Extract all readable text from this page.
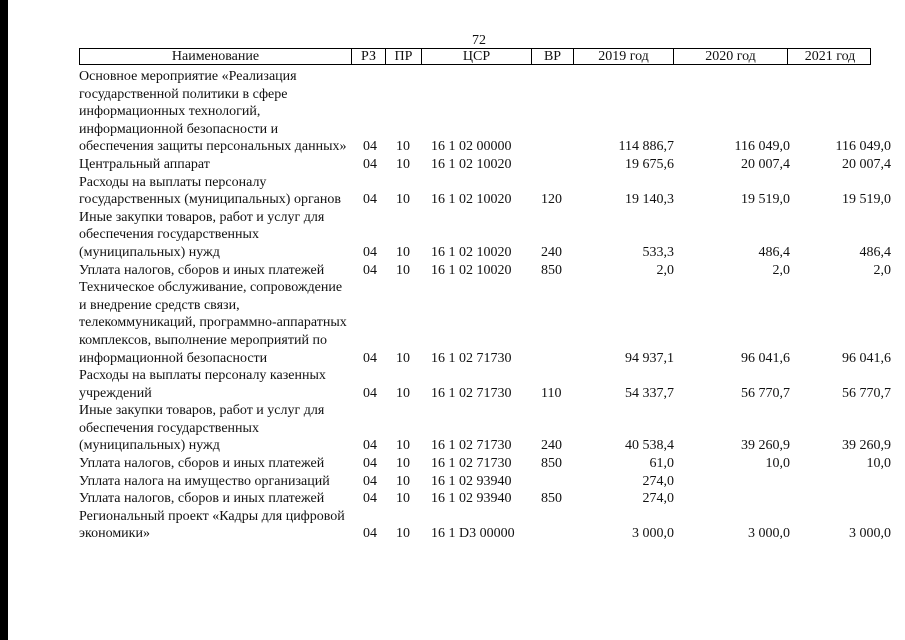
72
Наименование	РЗ	ПР	ЦСР	ВР	2019 год	2020 год	2021 год
Основное мероприятие «Реализация государственной политики в сфере информационных технологий, информационной безопасности и обеспечения защиты персональных данных»	04	10	16 1 02 00000		114 886,7	116 049,0	116 049,0
Центральный аппарат	04	10	16 1 02 10020		19 675,6	20 007,4	20 007,4
Расходы на выплаты персоналу государственных (муниципальных) органов	04	10	16 1 02 10020	120	19 140,3	19 519,0	19 519,0
Иные закупки товаров, работ и услуг для обеспечения государственных (муниципальных) нужд	04	10	16 1 02 10020	240	533,3	486,4	486,4
Уплата налогов, сборов и иных платежей	04	10	16 1 02 10020	850	2,0	2,0	2,0
Техническое обслуживание, сопровождение и внедрение средств связи, телекоммуникаций, программно-аппаратных комплексов, выполнение мероприятий по информационной безопасности	04	10	16 1 02 71730		94 937,1	96 041,6	96 041,6
Расходы на выплаты персоналу казенных учреждений	04	10	16 1 02 71730	110	54 337,7	56 770,7	56 770,7
Иные закупки товаров, работ и услуг для обеспечения государственных (муниципальных) нужд	04	10	16 1 02 71730	240	40 538,4	39 260,9	39 260,9
Уплата налогов, сборов и иных платежей	04	10	16 1 02 71730	850	61,0	10,0	10,0
Уплата налога на имущество организаций	04	10	16 1 02 93940		274,0		
Уплата налогов, сборов и иных платежей	04	10	16 1 02 93940	850	274,0		
Региональный проект «Кадры для цифровой экономики»	04	10	16 1 D3 00000		3 000,0	3 000,0	3 000,0
